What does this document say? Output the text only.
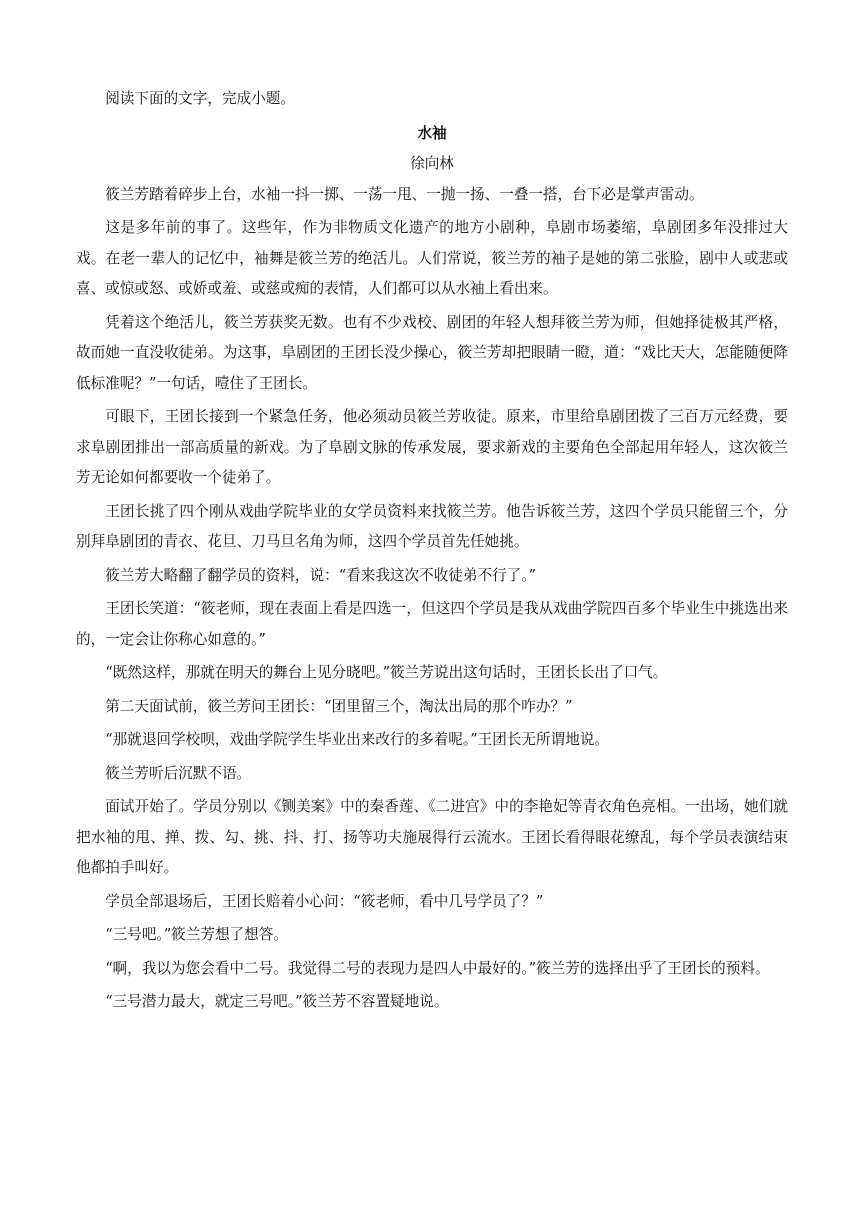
阅读下面的文字，完成小题。

水袖

徐向林

筱兰芳踏着碎步上台，水袖一抖一掷、一荡一甩、一抛一扬、一叠一搭，台下必是掌声雷动。

这是多年前的事了。这些年，作为非物质文化遗产的地方小剧种，阜剧市场萎缩，阜剧团多年没排过大戏。在老一辈人的记忆中，袖舞是筱兰芳的绝活儿。人们常说，筱兰芳的袖子是她的第二张脸，剧中人或悲或喜、或惊或怒、或娇或羞、或慈或痴的表情，人们都可以从水袖上看出来。

凭着这个绝活儿，筱兰芳获奖无数。也有不少戏校、剧团的年轻人想拜筱兰芳为师，但她择徒极其严格，故而她一直没收徒弟。为这事，阜剧团的王团长没少操心，筱兰芳却把眼睛一瞪，道：“戏比天大，怎能随便降低标准呢？”一句话，噎住了王团长。

可眼下，王团长接到一个紧急任务，他必须动员筱兰芳收徒。原来，市里给阜剧团拨了三百万元经费，要求阜剧团排出一部高质量的新戏。为了阜剧文脉的传承发展，要求新戏的主要角色全部起用年轻人，这次筱兰芳无论如何都要收一个徒弟了。

王团长挑了四个刚从戏曲学院毕业的女学员资料来找筱兰芳。他告诉筱兰芳，这四个学员只能留三个，分别拜阜剧团的青衣、花旦、刀马旦名角为师，这四个学员首先任她挑。

筱兰芳大略翻了翻学员的资料，说：“看来我这次不收徒弟不行了。”

王团长笑道：“筱老师，现在表面上看是四选一，但这四个学员是我从戏曲学院四百多个毕业生中挑选出来的，一定会让你称心如意的。”

“既然这样，那就在明天的舞台上见分晓吧。”筱兰芳说出这句话时，王团长长出了口气。

第二天面试前，筱兰芳问王团长：“团里留三个，淘汰出局的那个咋办？”

“那就退回学校呗，戏曲学院学生毕业出来改行的多着呢。”王团长无所谓地说。

筱兰芳听后沉默不语。

面试开始了。学员分别以《铡美案》中的秦香莲、《二进宫》中的李艳妃等青衣角色亮相。一出场，她们就把水袖的甩、掸、拨、勾、挑、抖、打、扬等功夫施展得行云流水。王团长看得眼花缭乱，每个学员表演结束他都拍手叫好。

学员全部退场后，王团长赔着小心问：“筱老师，看中几号学员了？”

“三号吧。”筱兰芳想了想答。

“啊，我以为您会看中二号。我觉得二号的表现力是四人中最好的。”筱兰芳的选择出乎了王团长的预料。

“三号潜力最大，就定三号吧。”筱兰芳不容置疑地说。
